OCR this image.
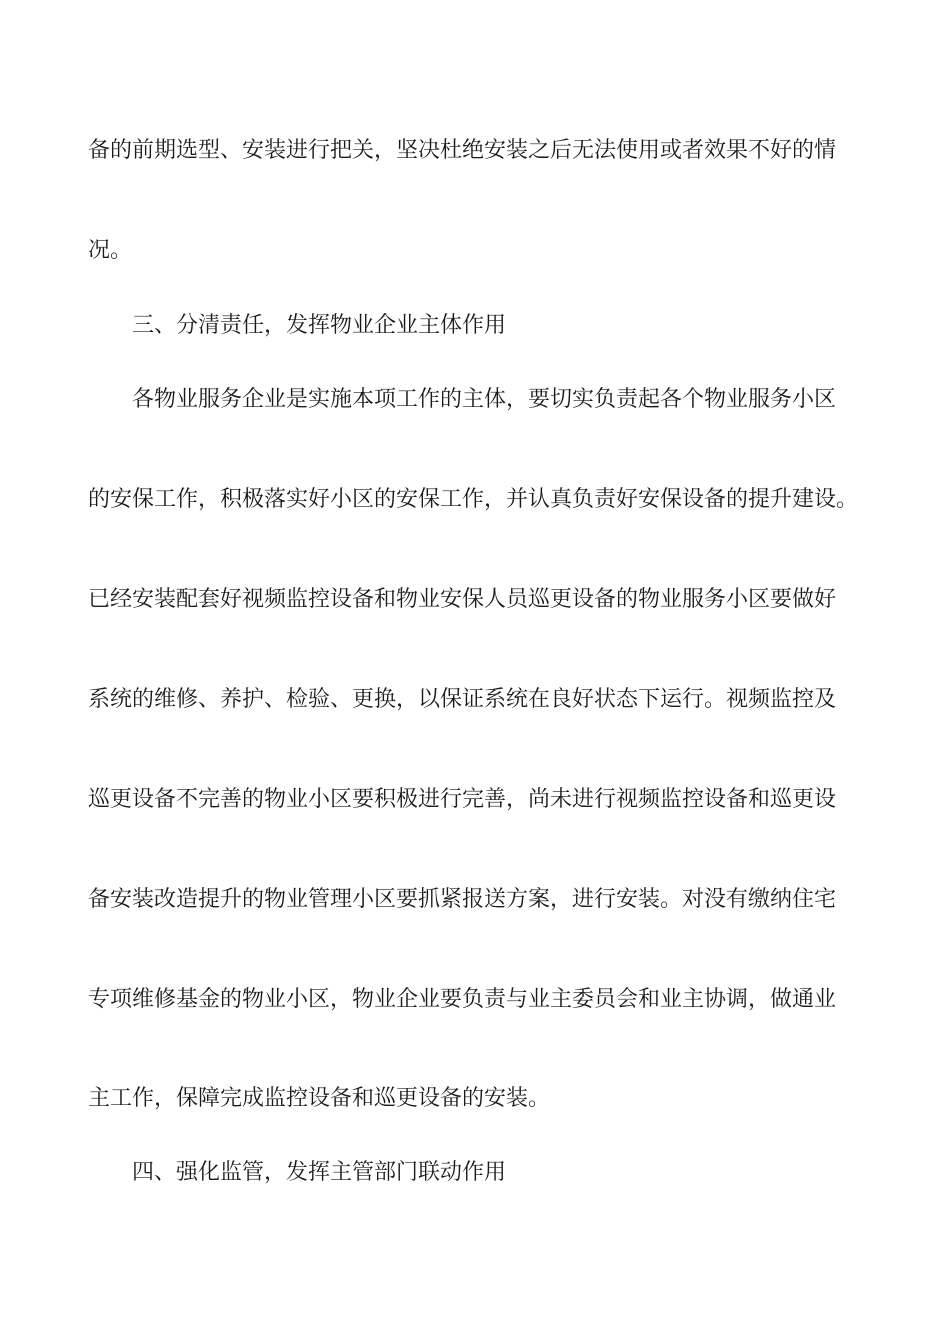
备的前期选型、安装进行把关，坚决杜绝安装之后无法使用或者效果不好的情
况。
三、分清责任，发挥物业企业主体作用
各物业服务企业是实施本项工作的主体，要切实负责起各个物业服务小区
的安保工作，积极落实好小区的安保工作，并认真负责好安保设备的提升建设。
已经安装配套好视频监控设备和物业安保人员巡更设备的物业服务小区要做好
系统的维修、养护、检验、更换，以保证系统在良好状态下运行。视频监控及
巡更设备不完善的物业小区要积极进行完善，尚未进行视频监控设备和巡更设
备安装改造提升的物业管理小区要抓紧报送方案，进行安装。对没有缴纳住宅
专项维修基金的物业小区，物业企业要负责与业主委员会和业主协调，做通业
主工作，保障完成监控设备和巡更设备的安装。
四、强化监管，发挥主管部门联动作用
